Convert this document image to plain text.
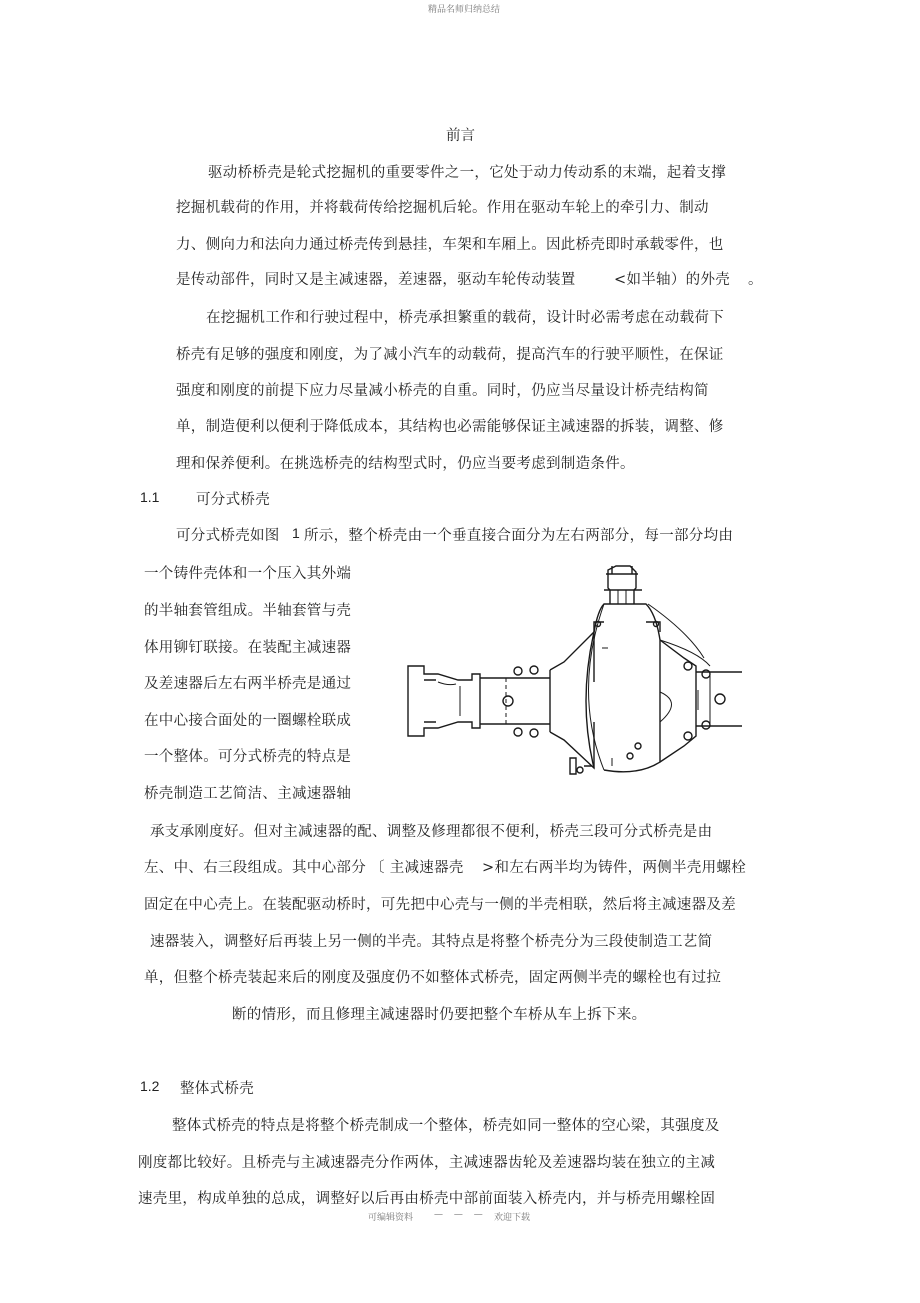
精品名师归纳总结
前言
驱动桥桥壳是轮式挖掘机的重要零件之一，它处于动力传动系的末端，起着支撑
挖掘机载荷的作用，并将载荷传给挖掘机后轮。作用在驱动车轮上的牵引力、制动
力、侧向力和法向力通过桥壳传到悬挂，车架和车厢上。因此桥壳即时承载零件，也
是传动部件，同时又是主减速器，差速器，驱动车轮传动装置	<如半轴）的外壳 。
在挖掘机工作和行驶过程中，桥壳承担繁重的载荷，设计时必需考虑在动载荷下
桥壳有足够的强度和刚度，为了减小汽车的动载荷，提高汽车的行驶平顺性，在保证
强度和刚度的前提下应力尽量减小桥壳的自重。同时，仍应当尽量设计桥壳结构简
单，制造便利以便利于降低成本，其结构也必需能够保证主减速器的拆装，调整、修
理和保养便利。在挑选桥壳的结构型式时，仍应当要考虑到制造条件。
1.1	可分式桥壳
可分式桥壳如图 1 所示，整个桥壳由一个垂直接合面分为左右两部分，每一部分均由
一个铸件壳体和一个压入其外端
的半轴套管组成。半轴套管与壳
体用铆钉联接。在装配主减速器
及差速器后左右两半桥壳是通过
在中心接合面处的一圈螺栓联成
一个整体。可分式桥壳的特点是
桥壳制造工艺简洁、主减速器轴
承支承刚度好。但对主减速器的配、调整及修理都很不便利，桥壳三段可分式桥壳是由
左、中、右三段组成。其中心部分 〔 主减速器壳 >和左右两半均为铸件，两侧半壳用螺栓
固定在中心壳上。在装配驱动桥时，可先把中心壳与一侧的半壳相联，然后将主减速器及差
速器装入，调整好后再装上另一侧的半壳。其特点是将整个桥壳分为三段使制造工艺简
单，但整个桥壳装起来后的刚度及强度仍不如整体式桥壳，固定两侧半壳的螺栓也有过拉
断的情形，而且修理主减速器时仍要把整个车桥从车上拆下来。
1.2 整体式桥壳
整体式桥壳的特点是将整个桥壳制成一个整体，桥壳如同一整体的空心梁，其强度及
刚度都比较好。且桥壳与主减速器壳分作两体，主减速器齿轮及差速器均装在独立的主减
速壳里，构成单独的总成，调整好以后再由桥壳中部前面装入桥壳内，并与桥壳用螺栓固
可编辑资料 — — — 欢迎下载
